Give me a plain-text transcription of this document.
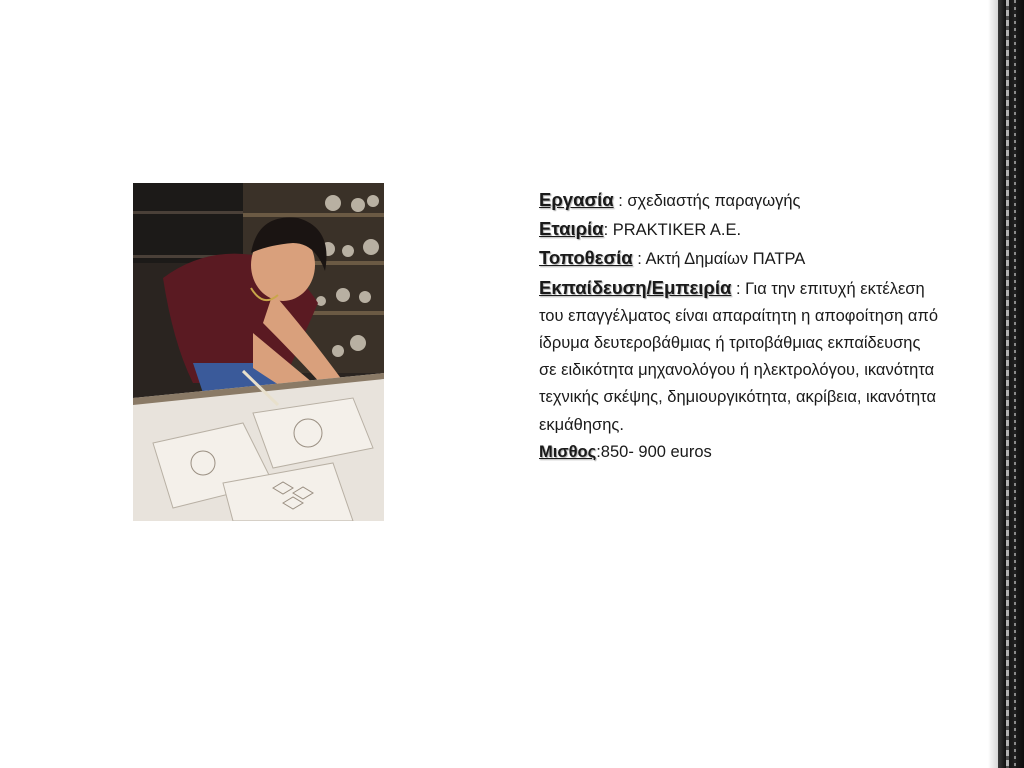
Εργασία : σχεδιαστής παραγωγής

Εταιρία: PRAKTIKER A.E.

Τοποθεσία : Ακτή Δημαίων ΠΑΤΡΑ

Εκπαίδευση/Εμπειρία : Για την επιτυχή εκτέλεση του επαγγέλματος είναι απαραίτητη η αποφοίτηση από ίδρυμα δευτεροβάθμιας ή τριτοβάθμιας εκπαίδευσης σε ειδικότητα μηχανολόγου ή ηλεκτρολόγου, ικανότητα τεχνικής σκέψης, δημιουργικότητα, ακρίβεια, ικανότητα εκμάθησης.

Μισθος:850- 900 euros
